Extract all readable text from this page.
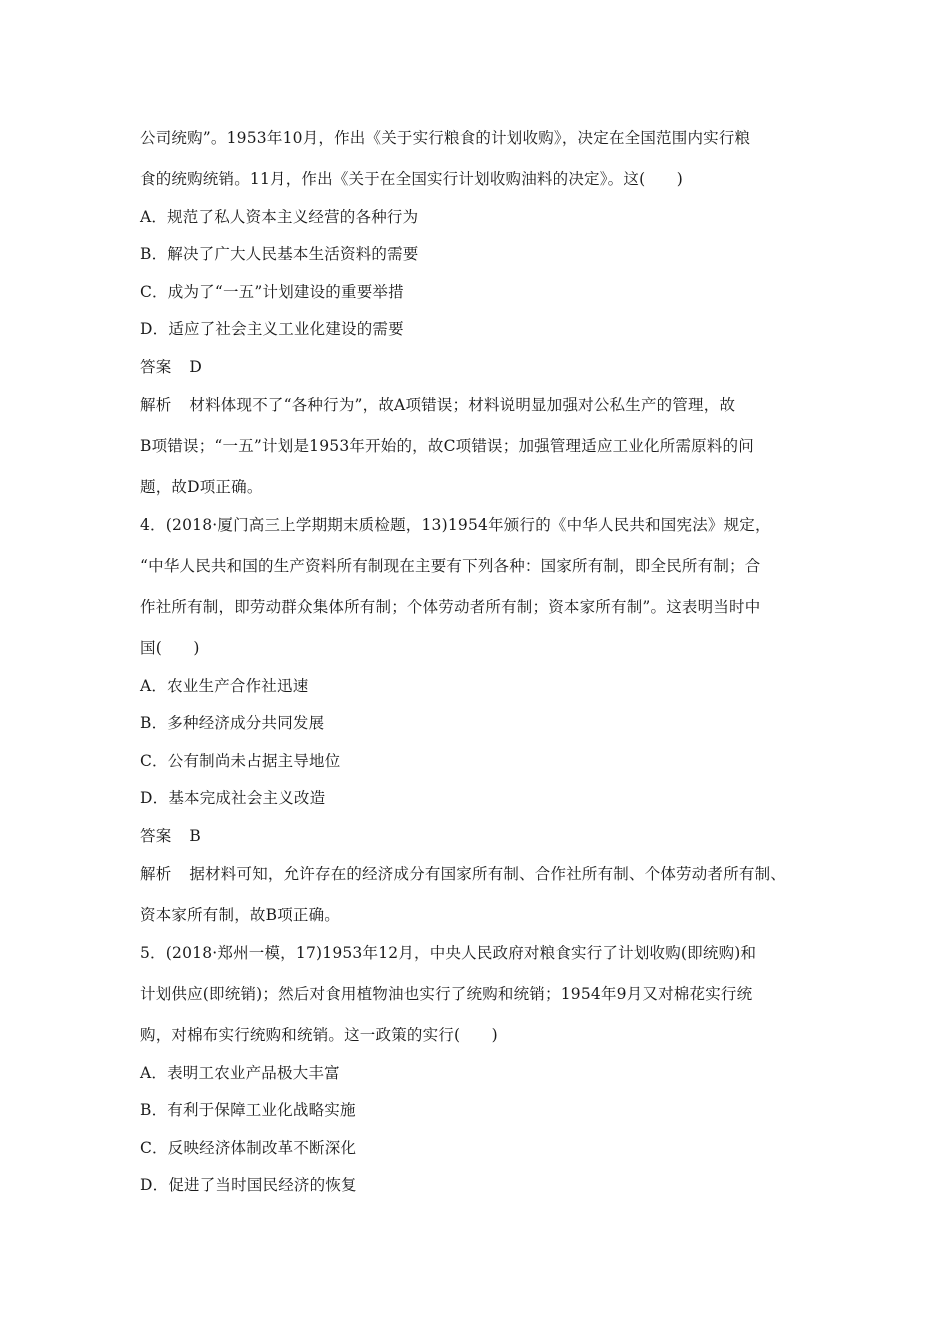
公司统购”。1953年10月，作出《关于实行粮食的计划收购》，决定在全国范围内实行粮
食的统购统销。11月，作出《关于在全国实行计划收购油料的决定》。这(　　)
A．规范了私人资本主义经营的各种行为
B．解决了广大人民基本生活资料的需要
C．成为了“一五”计划建设的重要举措
D．适应了社会主义工业化建设的需要
答案 D
解析 材料体现不了“各种行为”，故A项错误；材料说明显加强对公私生产的管理，故
B项错误；“一五”计划是1953年开始的，故C项错误；加强管理适应工业化所需原料的问
题，故D项正确。
4．(2018·厦门高三上学期期末质检题，13)1954年颁行的《中华人民共和国宪法》规定，
“中华人民共和国的生产资料所有制现在主要有下列各种：国家所有制，即全民所有制；合
作社所有制，即劳动群众集体所有制；个体劳动者所有制；资本家所有制”。这表明当时中
国(　　)
A．农业生产合作社迅速
B．多种经济成分共同发展
C．公有制尚未占据主导地位
D．基本完成社会主义改造
答案 B
解析 据材料可知，允许存在的经济成分有国家所有制、合作社所有制、个体劳动者所有制、
资本家所有制，故B项正确。
5．(2018·郑州一模，17)1953年12月，中央人民政府对粮食实行了计划收购(即统购)和
计划供应(即统销)；然后对食用植物油也实行了统购和统销；1954年9月又对棉花实行统
购，对棉布实行统购和统销。这一政策的实行(　　)
A．表明工农业产品极大丰富
B．有利于保障工业化战略实施
C．反映经济体制改革不断深化
D．促进了当时国民经济的恢复
